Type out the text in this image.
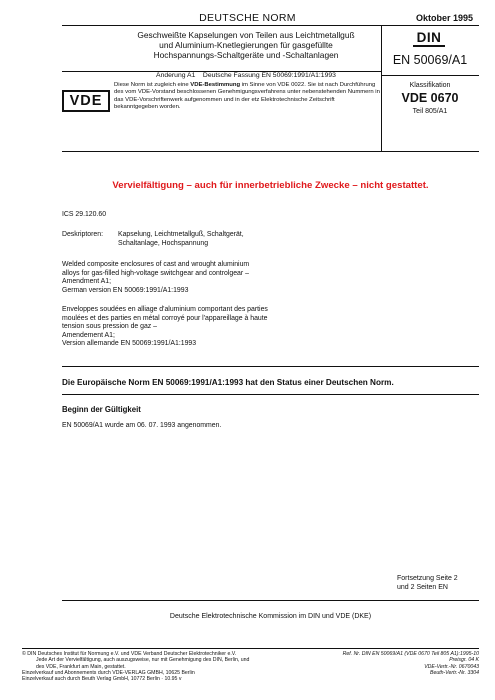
DEUTSCHE NORM	Oktober 1995
Geschweißte Kapselungen von Teilen aus Leichtmetallguß
und Aluminium-Knetlegierungen für gasgefüllte
Hochspannungs-Schaltgeräte und -Schaltanlagen
Änderung A1 Deutsche Fassung EN 50069:1991/A1:1993
DIN
EN 50069/A1
VDE
Diese Norm ist zugleich eine VDE-Bestimmung im Sinne von VDE 0022. Sie ist nach Durchführung des vom VDE-Vorstand beschlossenen Genehmigungsverfahrens unter nebenstehenden Nummern in das VDE-Vorschriftenwerk aufgenommen und in der etz Elektrotechnische Zeitschrift bekanntgegeben worden.
Klassifikation
VDE 0670
Teil 805/A1
Vervielfältigung – auch für innerbetriebliche Zwecke – nicht gestattet.
ICS 29.120.60
Deskriptoren: Kapselung, Leichtmetallguß, Schaltgerät,
Schaltanlage, Hochspannung
Welded composite enclosures of cast and wrought aluminium
alloys for gas-filled high-voltage switchgear and controlgear –
Amendment A1;
German version EN 50069:1991/A1:1993
Enveloppes soudées en alliage d'aluminium comportant des parties
moulées et des parties en métal corroyé pour l'appareillage à haute
tension sous pression de gaz –
Amendement A1;
Version allemande EN 50069:1991/A1:1993
Die Europäische Norm EN 50069:1991/A1:1993 hat den Status einer Deutschen Norm.
Beginn der Gültigkeit
EN 50069/A1 wurde am 06. 07. 1993 angenommen.
Fortsetzung Seite 2
und 2 Seiten EN
Deutsche Elektrotechnische Kommission im DIN und VDE (DKE)
© DIN Deutsches Institut für Normung e.V. und VDE Verband Deutscher Elektrotechniker e.V.
Jede Art der Vervielfältigung, auch auszugsweise, nur mit Genehmigung des DIN, Berlin, und
des VDE, Frankfurt am Main, gestattet.
Einzelverkauf und Abonnements durch VDE-VERLAG GMBH, 10625 Berlin
Einzelverkauf auch durch Beuth Verlag GmbH, 10772 Berlin · 10.95 v
Ref. Nr. DIN EN 50069/A1 (VDE 0670 Teil 805 A1):1995-10
Preisgr. 04 K
VDE-Vertr.-Nr. 0670043
Beuth-Vertr.-Nr. 3304
